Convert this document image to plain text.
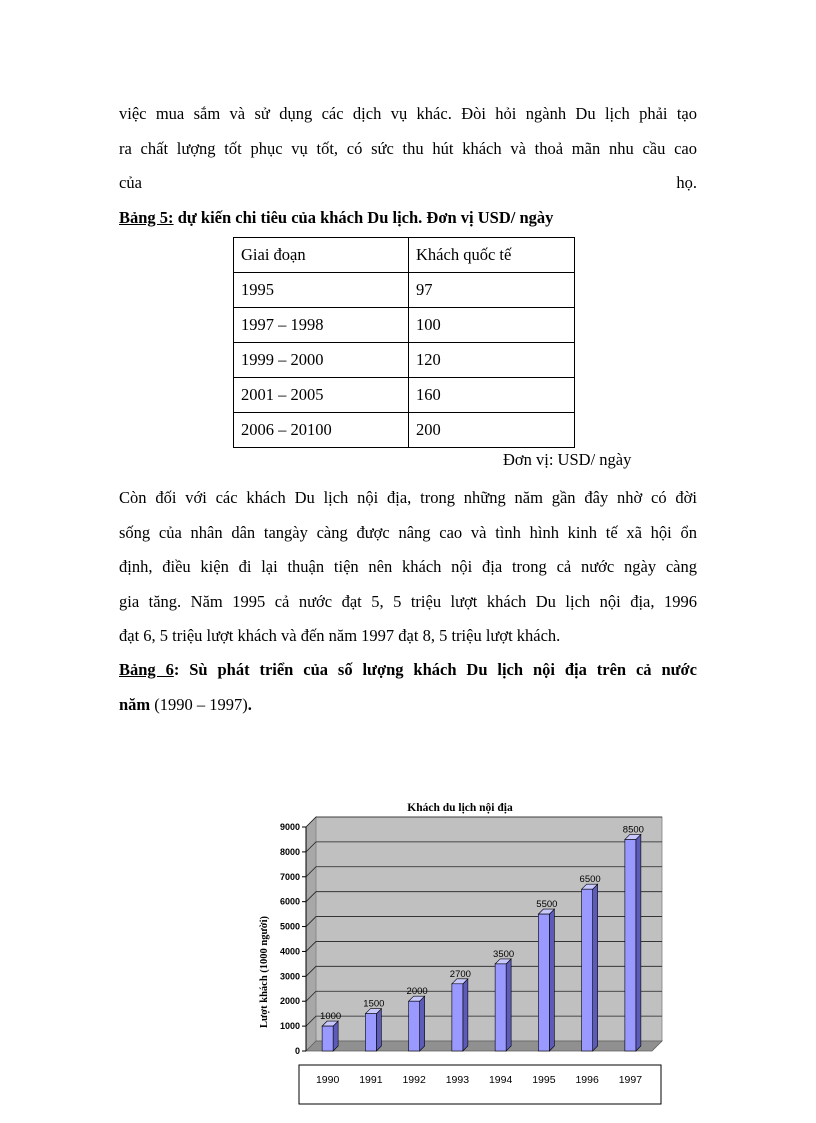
việc mua sắm và sử dụng các dịch vụ khác. Đòi hỏi ngành Du lịch phải tạo
ra chất lượng tốt phục vụ tốt, có sức thu hút khách và thoả mãn nhu cầu cao
của	họ.

Bảng 5: dự kiến chi tiêu của khách Du lịch. Đơn vị USD/ ngày

Giai đoạn	Khách quốc tế
1995	97
1997 – 1998	100
1999 – 2000	120
2001 – 2005	160
2006 – 20100	200
Đơn vị: USD/ ngày

Còn đối với các khách Du lịch nội địa, trong những năm gần đây nhờ có đời
sống của nhân dân tangày càng được nâng cao và tình hình kinh tế xã hội ổn
định, điều kiện đi lại thuận tiện nên khách nội địa trong cả nước ngày càng
gia tăng. Năm 1995 cả nước đạt 5, 5 triệu lượt khách Du lịch nội địa, 1996
đạt 6, 5 triệu lượt khách và đến năm 1997 đạt 8, 5 triệu lượt khách.

Bảng 6: Sù phát triển của số lượng khách Du lịch nội địa trên cả nước
năm (1990 – 1997).

Khách du lịch nội địa
Lượt khách (1000 người)
0
1000
2000
3000
4000
5000
6000
7000
8000
9000
1000
1500
2000
2700
3500
5500
6500
8500
1990 1991 1992 1993 1994 1995 1996 1997
